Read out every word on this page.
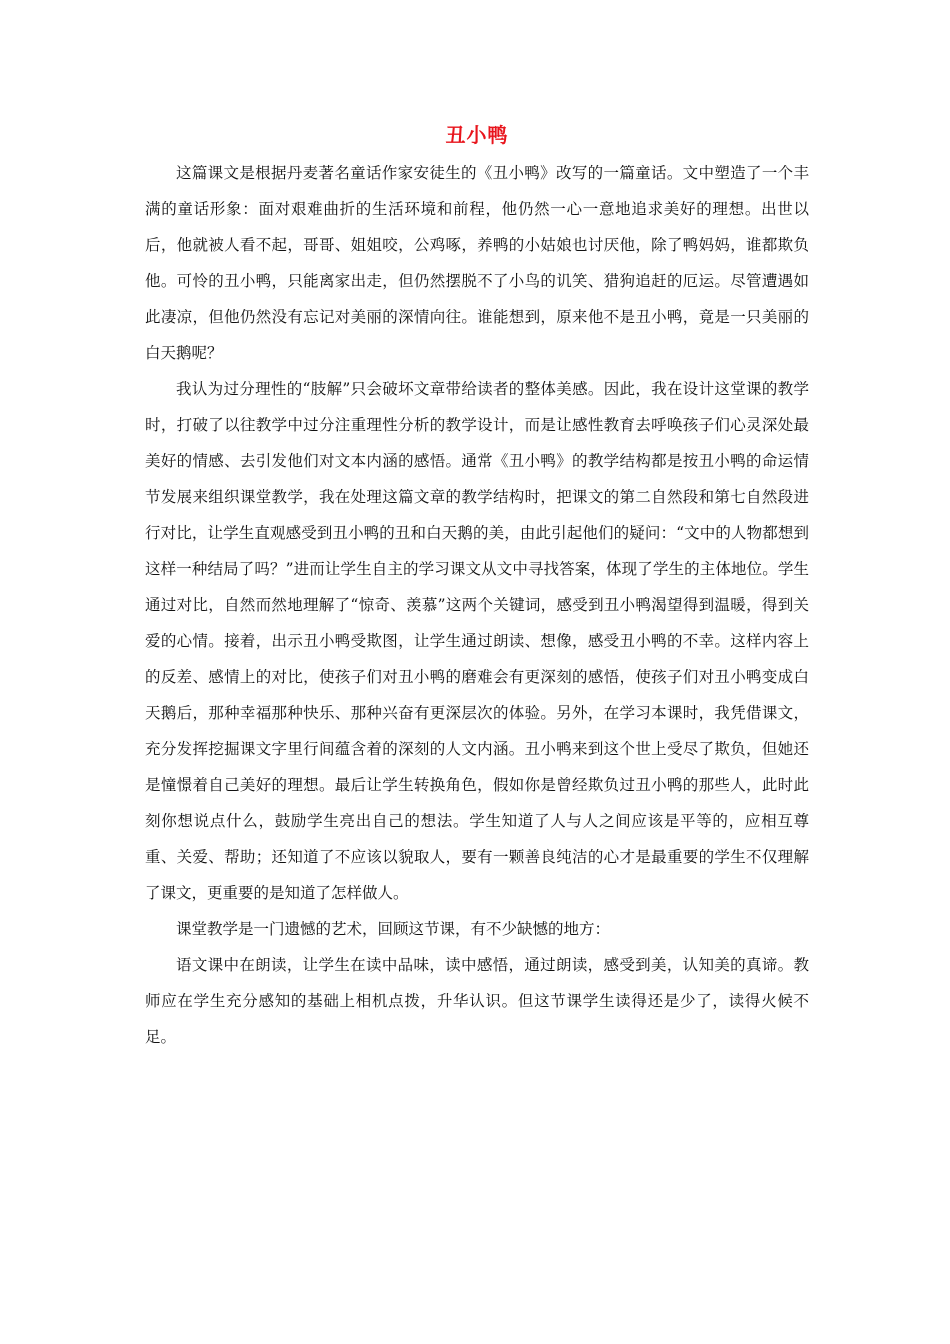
丑小鸭

这篇课文是根据丹麦著名童话作家安徒生的《丑小鸭》改写的一篇童话。文中塑造了一个丰满的童话形象：面对艰难曲折的生活环境和前程，他仍然一心一意地追求美好的理想。出世以后，他就被人看不起，哥哥、姐姐咬，公鸡啄，养鸭的小姑娘也讨厌他，除了鸭妈妈，谁都欺负他。可怜的丑小鸭，只能离家出走，但仍然摆脱不了小鸟的讥笑、猎狗追赶的厄运。尽管遭遇如此凄凉，但他仍然没有忘记对美丽的深情向往。谁能想到，原来他不是丑小鸭，竟是一只美丽的白天鹅呢？

我认为过分理性的“肢解”只会破坏文章带给读者的整体美感。因此，我在设计这堂课的教学时，打破了以往教学中过分注重理性分析的教学设计，而是让感性教育去呼唤孩子们心灵深处最美好的情感、去引发他们对文本内涵的感悟。通常《丑小鸭》的教学结构都是按丑小鸭的命运情节发展来组织课堂教学，我在处理这篇文章的教学结构时，把课文的第二自然段和第七自然段进行对比，让学生直观感受到丑小鸭的丑和白天鹅的美，由此引起他们的疑问：“文中的人物都想到这样一种结局了吗？”进而让学生自主的学习课文从文中寻找答案，体现了学生的主体地位。学生通过对比，自然而然地理解了“惊奇、羡慕”这两个关键词，感受到丑小鸭渴望得到温暖，得到关爱的心情。接着，出示丑小鸭受欺图，让学生通过朗读、想像，感受丑小鸭的不幸。这样内容上的反差、感情上的对比，使孩子们对丑小鸭的磨难会有更深刻的感悟，使孩子们对丑小鸭变成白天鹅后，那种幸福那种快乐、那种兴奋有更深层次的体验。另外，在学习本课时，我凭借课文，充分发挥挖掘课文字里行间蕴含着的深刻的人文内涵。丑小鸭来到这个世上受尽了欺负，但她还是憧憬着自己美好的理想。最后让学生转换角色，假如你是曾经欺负过丑小鸭的那些人，此时此刻你想说点什么，鼓励学生亮出自己的想法。学生知道了人与人之间应该是平等的，应相互尊重、关爱、帮助；还知道了不应该以貌取人，要有一颗善良纯洁的心才是最重要的学生不仅理解了课文，更重要的是知道了怎样做人。

课堂教学是一门遗憾的艺术，回顾这节课，有不少缺憾的地方：

语文课中在朗读，让学生在读中品味，读中感悟，通过朗读，感受到美，认知美的真谛。教师应在学生充分感知的基础上相机点拨，升华认识。但这节课学生读得还是少了，读得火候不足。
